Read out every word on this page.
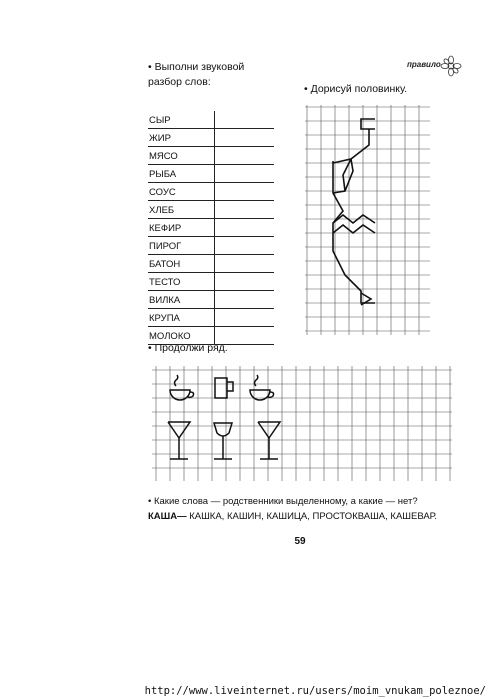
• Выполни звуковой разбор слов:
СЫР
ЖИР
МЯСО
РЫБА
СОУС
ХЛЕБ
КЕФИР
ПИРОГ
БАТОН
ТЕСТО
ВИЛКА
КРУПА
МОЛОКО
• Дорисуй половинку.
правило
• Продолжи ряд.
• Какие слова — родственники выделенному, а какие — нет?
КАША— КАШКА, КАШИН, КАШИЦА, ПРОСТОКВАША, КАШЕВАР.
59
http://www.liveinternet.ru/users/moim_vnukam_poleznoe/
